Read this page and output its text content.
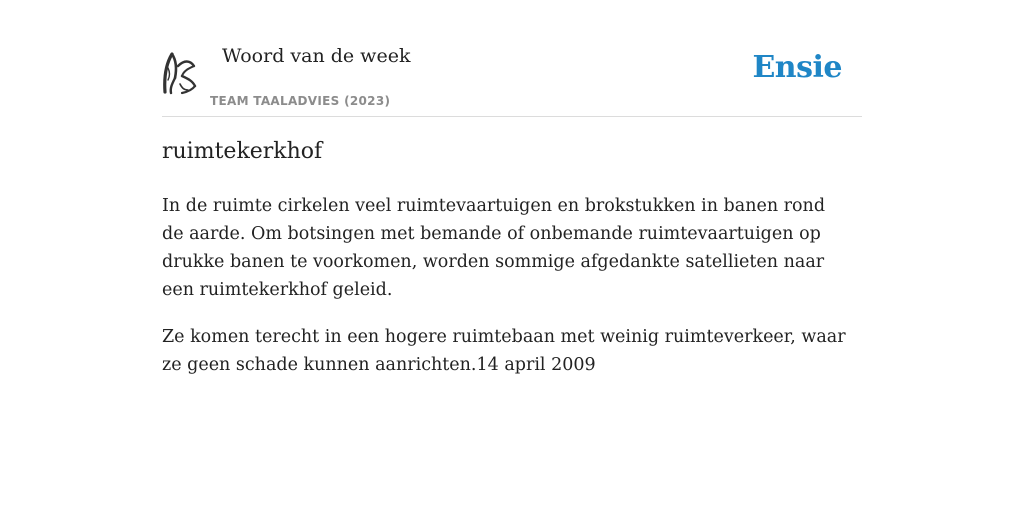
Woord van de week
TEAM TAALADVIES (2023)
Ensie
ruimtekerkhof

In de ruimte cirkelen veel ruimtevaartuigen en brokstukken in banen rond de aarde. Om botsingen met bemande of onbemande ruimtevaartuigen op drukke banen te voorkomen, worden sommige afgedankte satellieten naar een ruimtekerkhof geleid.

Ze komen terecht in een hogere ruimtebaan met weinig ruimteverkeer, waar ze geen schade kunnen aanrichten.14 april 2009
